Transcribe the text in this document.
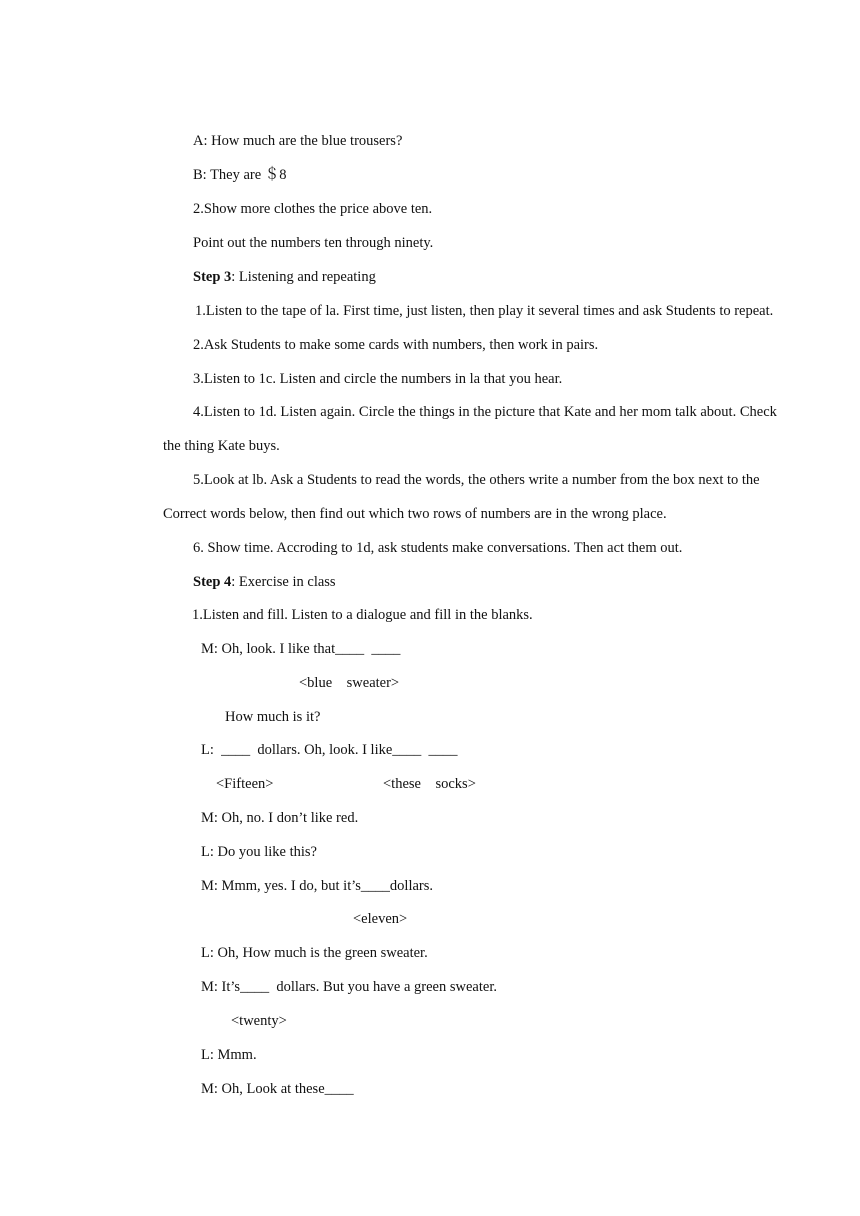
A: How much are the blue trousers?
B: They are ＄8
2.Show more clothes the price above ten.
Point out the numbers ten through ninety.
Step 3: Listening and repeating
1.Listen to the tape of la. First time, just listen, then play it several times and ask Students to repeat.
2.Ask Students to make some cards with numbers, then work in pairs.
3.Listen to 1c. Listen and circle the numbers in la that you hear.
4.Listen to 1d. Listen again. Circle the things in the picture that Kate and her mom talk about. Check
the thing Kate buys.
5.Look at lb. Ask a Students to read the words, the others write a number from the box next to the
Correct words below, then find out which two rows of numbers are in the wrong place.
6. Show time. Accroding to 1d, ask students make conversations. Then act them out.
Step 4: Exercise in class
1.Listen and fill. Listen to a dialogue and fill in the blanks.
M: Oh, look. I like that____  ____
<blue    sweater>
How much is it?
L:  ____  dollars. Oh, look. I like____  ____
<Fifteen>	<these    socks>
M: Oh, no. I don’t like red.
L: Do you like this?
M: Mmm, yes. I do, but it’s____dollars.
<eleven>
L: Oh, How much is the green sweater.
M: It’s____  dollars. But you have a green sweater.
<twenty>
L: Mmm.
M: Oh, Look at these____
